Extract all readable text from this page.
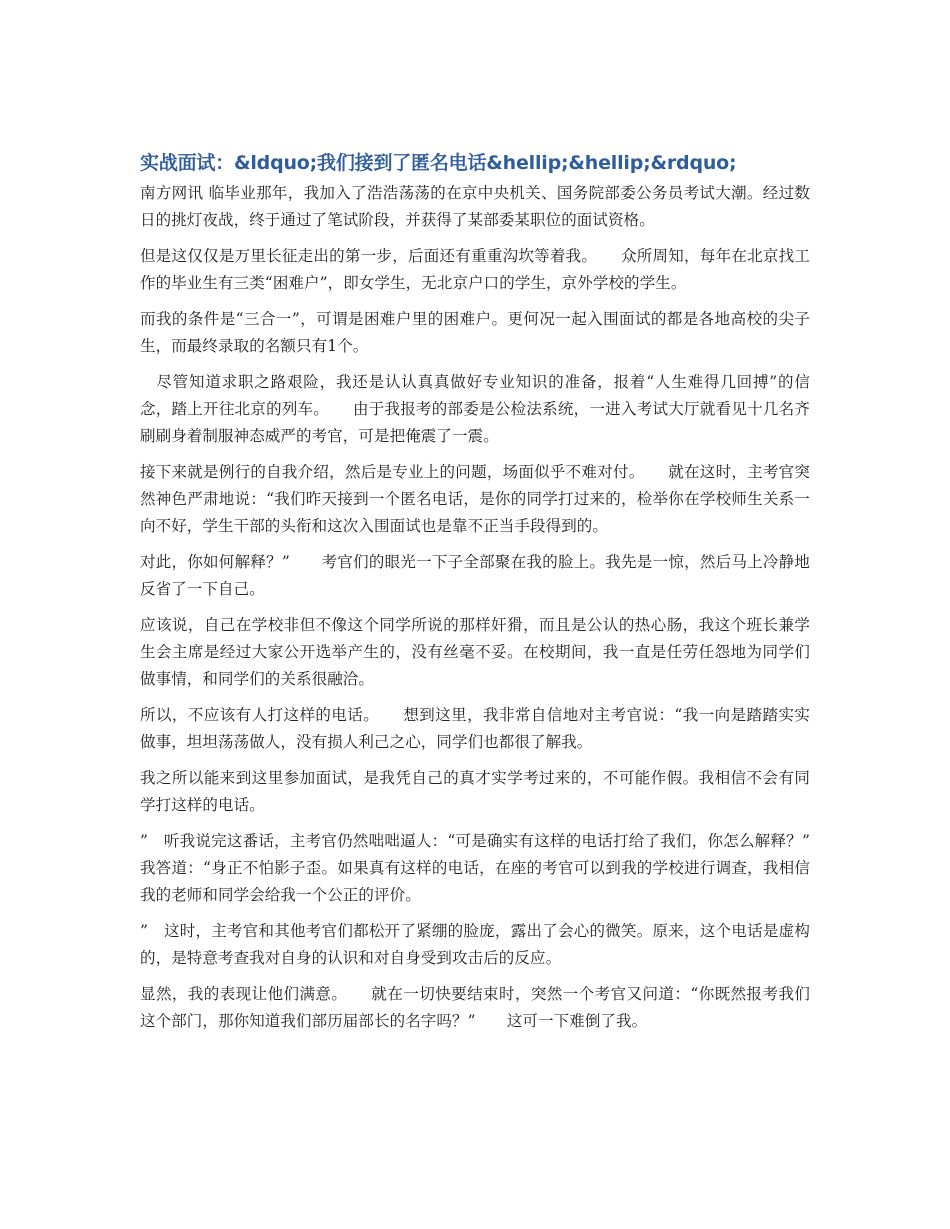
实战面试：&ldquo;我们接到了匿名电话&hellip;&hellip;&rdquo;

南方网讯 临毕业那年，我加入了浩浩荡荡的在京中央机关、国务院部委公务员考试大潮。经过数日的挑灯夜战，终于通过了笔试阶段，并获得了某部委某职位的面试资格。

但是这仅仅是万里长征走出的第一步，后面还有重重沟坎等着我。　　众所周知，每年在北京找工作的毕业生有三类“困难户”，即女学生，无北京户口的学生，京外学校的学生。

而我的条件是“三合一”，可谓是困难户里的困难户。更何况一起入围面试的都是各地高校的尖子生，而最终录取的名额只有1个。

　尽管知道求职之路艰险，我还是认认真真做好专业知识的准备，报着“人生难得几回搏”的信念，踏上开往北京的列车。　　由于我报考的部委是公检法系统，一进入考试大厅就看见十几名齐刷刷身着制服神态威严的考官，可是把俺震了一震。

接下来就是例行的自我介绍，然后是专业上的问题，场面似乎不难对付。　　就在这时，主考官突然神色严肃地说：“我们昨天接到一个匿名电话，是你的同学打过来的，检举你在学校师生关系一向不好，学生干部的头衔和这次入围面试也是靠不正当手段得到的。

对此，你如何解释？”　　考官们的眼光一下子全部聚在我的脸上。我先是一惊，然后马上冷静地反省了一下自己。

应该说，自己在学校非但不像这个同学所说的那样奸猾，而且是公认的热心肠，我这个班长兼学生会主席是经过大家公开选举产生的，没有丝毫不妥。在校期间，我一直是任劳任怨地为同学们做事情，和同学们的关系很融洽。

所以，不应该有人打这样的电话。　　想到这里，我非常自信地对主考官说：“我一向是踏踏实实做事，坦坦荡荡做人，没有损人利己之心，同学们也都很了解我。

我之所以能来到这里参加面试，是我凭自己的真才实学考过来的，不可能作假。我相信不会有同学打这样的电话。

”　听我说完这番话，主考官仍然咄咄逼人：“可是确实有这样的电话打给了我们，你怎么解释？”　　我答道：“身正不怕影子歪。如果真有这样的电话，在座的考官可以到我的学校进行调查，我相信我的老师和同学会给我一个公正的评价。

”　这时，主考官和其他考官们都松开了紧绷的脸庞，露出了会心的微笑。原来，这个电话是虚构的，是特意考查我对自身的认识和对自身受到攻击后的反应。

显然，我的表现让他们满意。　　就在一切快要结束时，突然一个考官又问道：“你既然报考我们这个部门，那你知道我们部历届部长的名字吗？”　　这可一下难倒了我。
